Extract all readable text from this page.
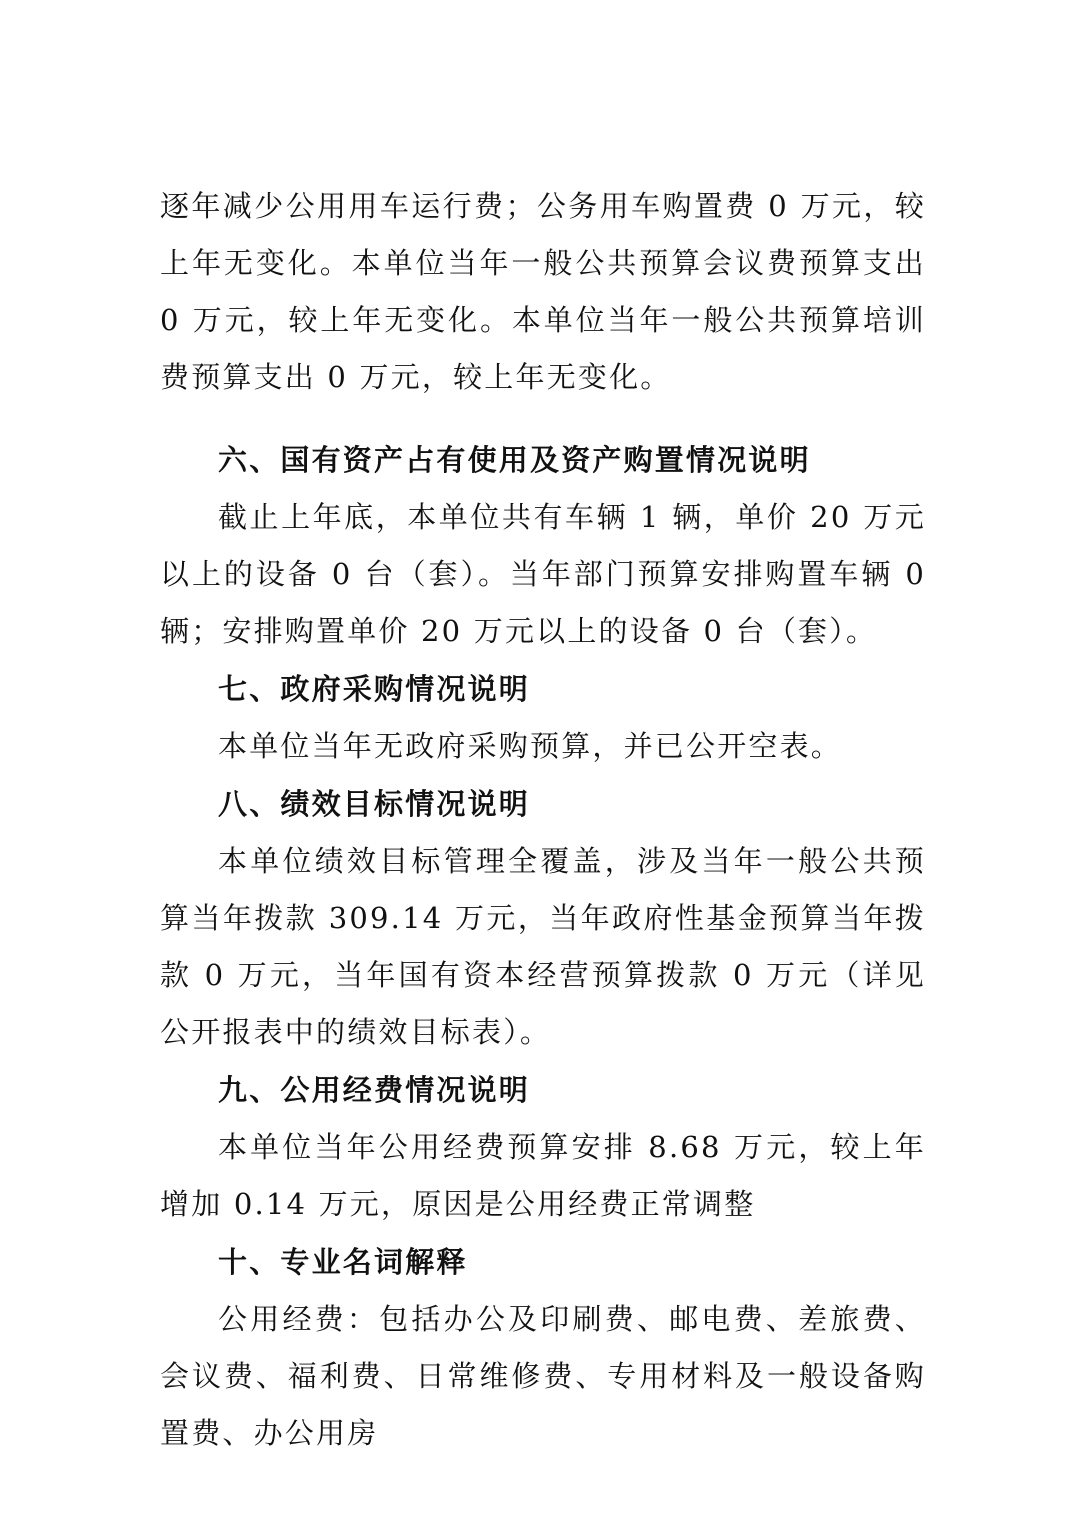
逐年减少公用用车运行费；公务用车购置费 0 万元，较上年无变化。本单位当年一般公共预算会议费预算支出 0 万元，较上年无变化。本单位当年一般公共预算培训费预算支出 0 万元，较上年无变化。

六、国有资产占有使用及资产购置情况说明

截止上年底，本单位共有车辆 1 辆，单价 20 万元以上的设备 0 台（套）。当年部门预算安排购置车辆 0 辆；安排购置单价 20 万元以上的设备 0 台（套）。

七、政府采购情况说明

本单位当年无政府采购预算，并已公开空表。

八、绩效目标情况说明

本单位绩效目标管理全覆盖，涉及当年一般公共预算当年拨款 309.14 万元，当年政府性基金预算当年拨款 0 万元，当年国有资本经营预算拨款 0 万元（详见公开报表中的绩效目标表）。

九、公用经费情况说明

本单位当年公用经费预算安排 8.68 万元，较上年增加 0.14 万元，原因是公用经费正常调整

十、专业名词解释

公用经费：包括办公及印刷费、邮电费、差旅费、会议费、福利费、日常维修费、专用材料及一般设备购置费、办公用房
